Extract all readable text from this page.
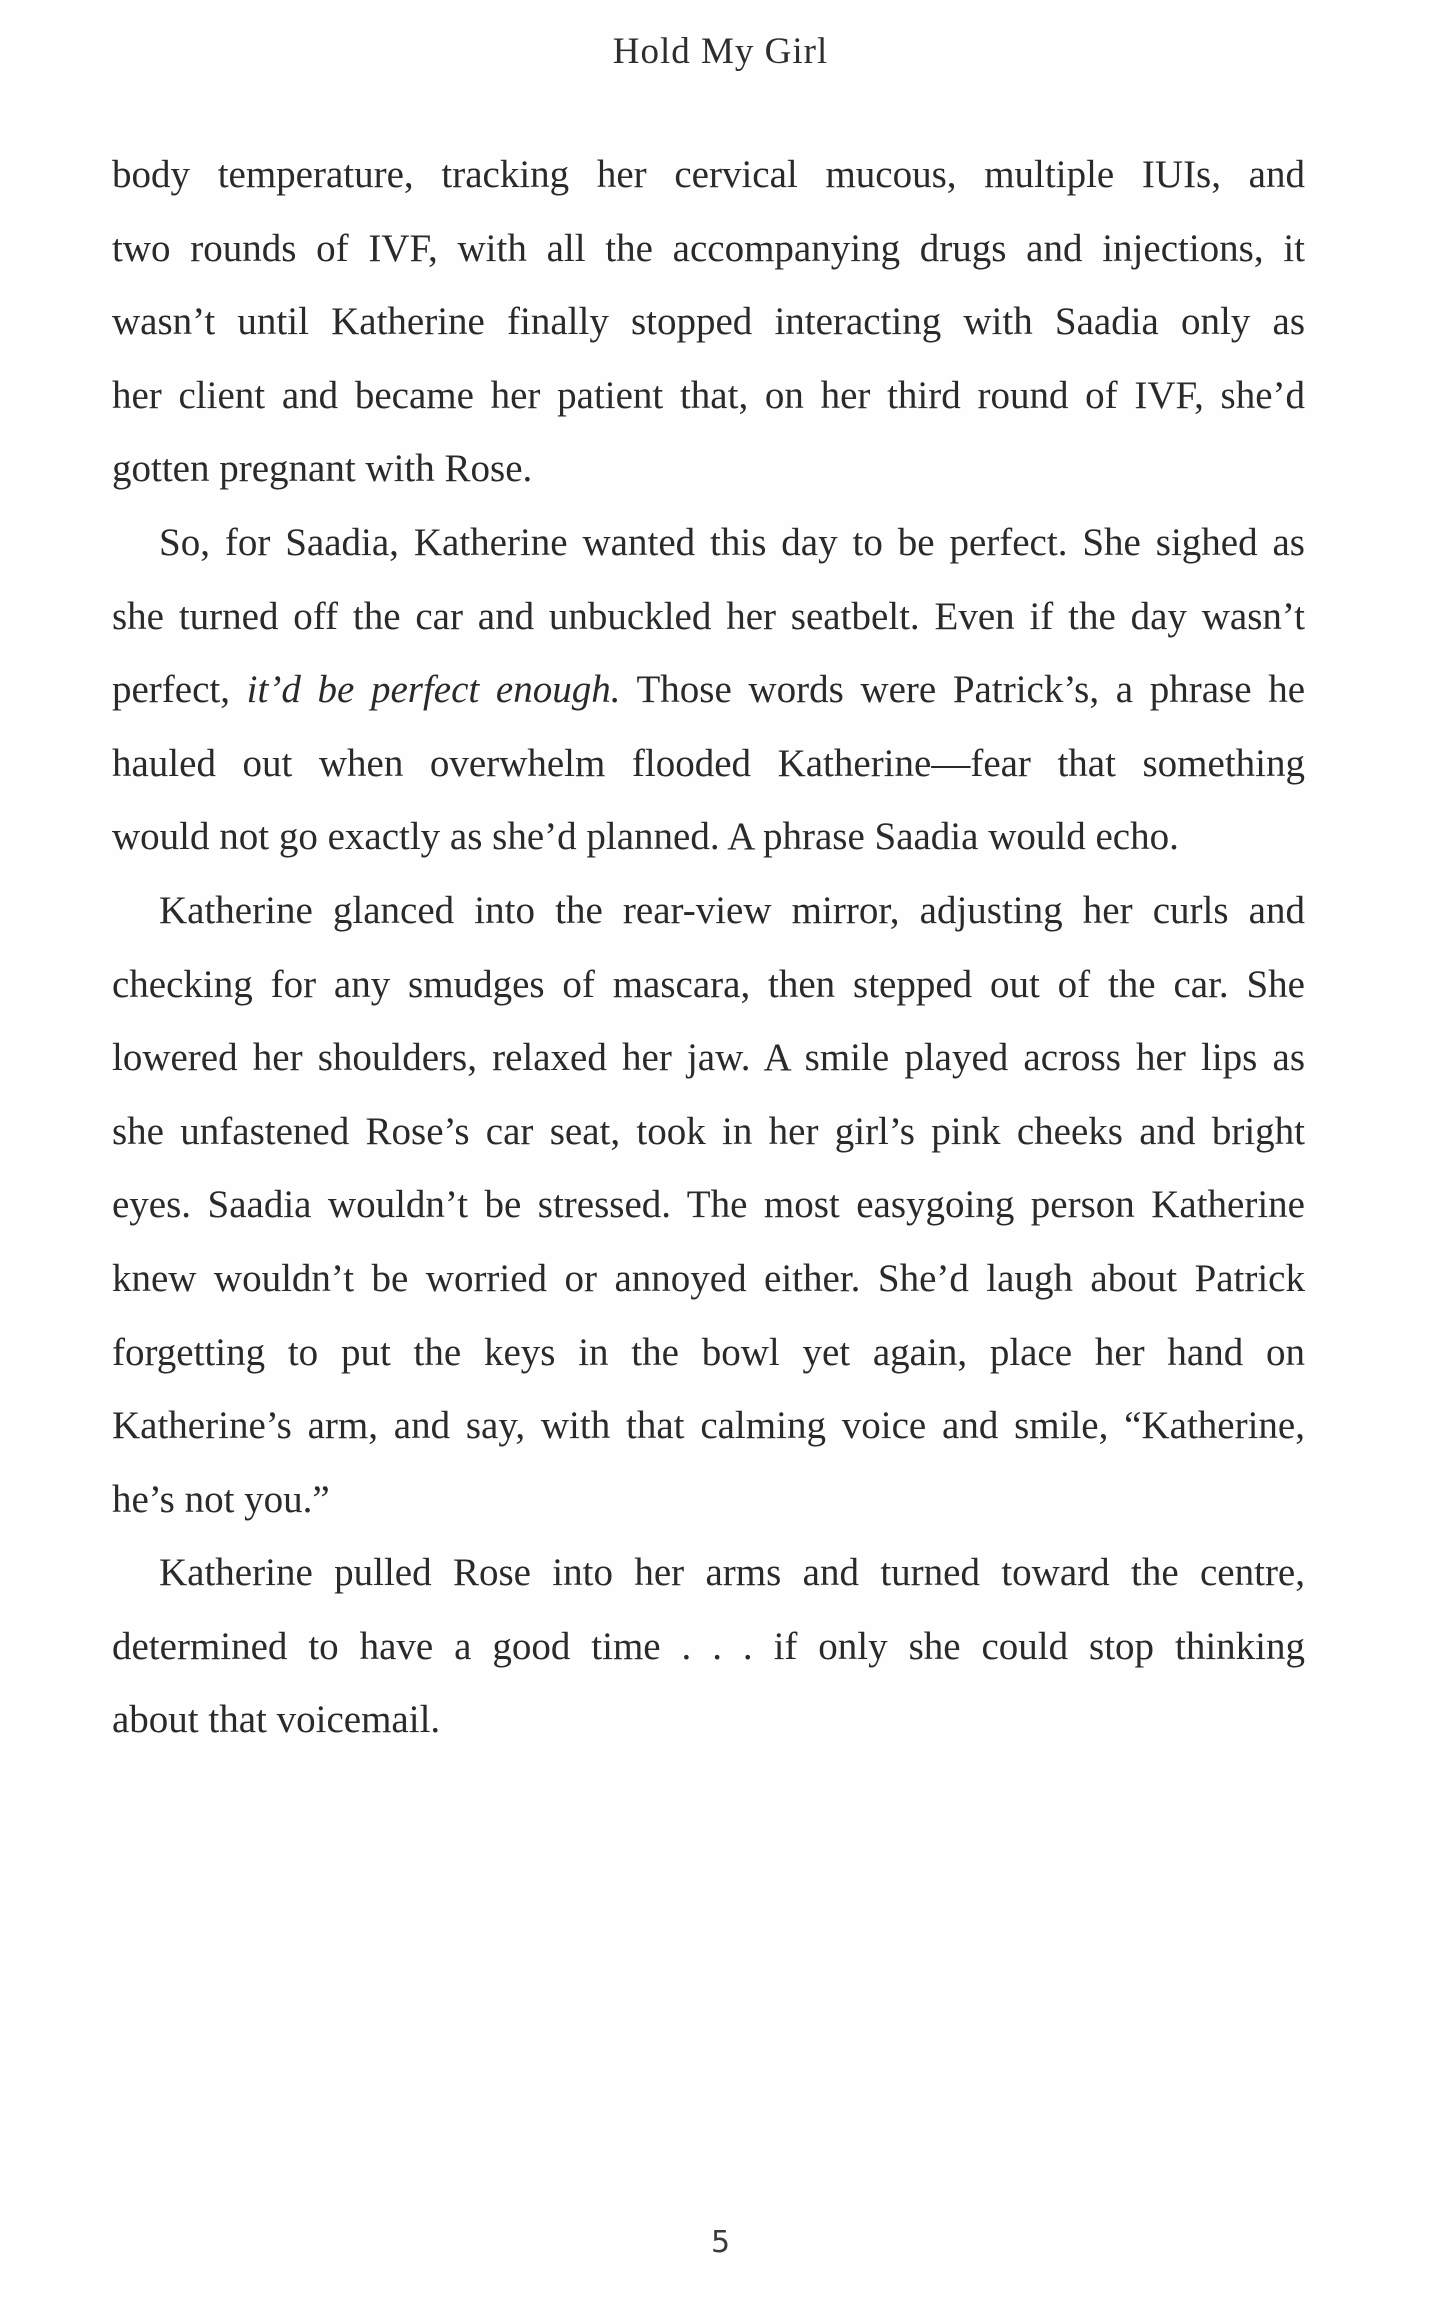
Hold My Girl
body temperature, tracking her cervical mucous, multiple IUIs, and
two rounds of IVF, with all the accompanying drugs and injections, it
wasn’t until Katherine finally stopped interacting with Saadia only as
her client and became her patient that, on her third round of IVF, she’d
gotten pregnant with Rose.
So, for Saadia, Katherine wanted this day to be perfect. She sighed as
she turned off the car and unbuckled her seatbelt. Even if the day wasn’t
perfect, it’d be perfect enough. Those words were Patrick’s, a phrase he
hauled out when overwhelm flooded Katherine—fear that something
would not go exactly as she’d planned. A phrase Saadia would echo.
Katherine glanced into the rear-view mirror, adjusting her curls and
checking for any smudges of mascara, then stepped out of the car. She
lowered her shoulders, relaxed her jaw. A smile played across her lips as
she unfastened Rose’s car seat, took in her girl’s pink cheeks and bright
eyes. Saadia wouldn’t be stressed. The most easygoing person Katherine
knew wouldn’t be worried or annoyed either. She’d laugh about Patrick
forgetting to put the keys in the bowl yet again, place her hand on
Katherine’s arm, and say, with that calming voice and smile, “Katherine,
he’s not you.”
Katherine pulled Rose into her arms and turned toward the centre,
determined to have a good time . . . if only she could stop thinking
about that voicemail.
5
